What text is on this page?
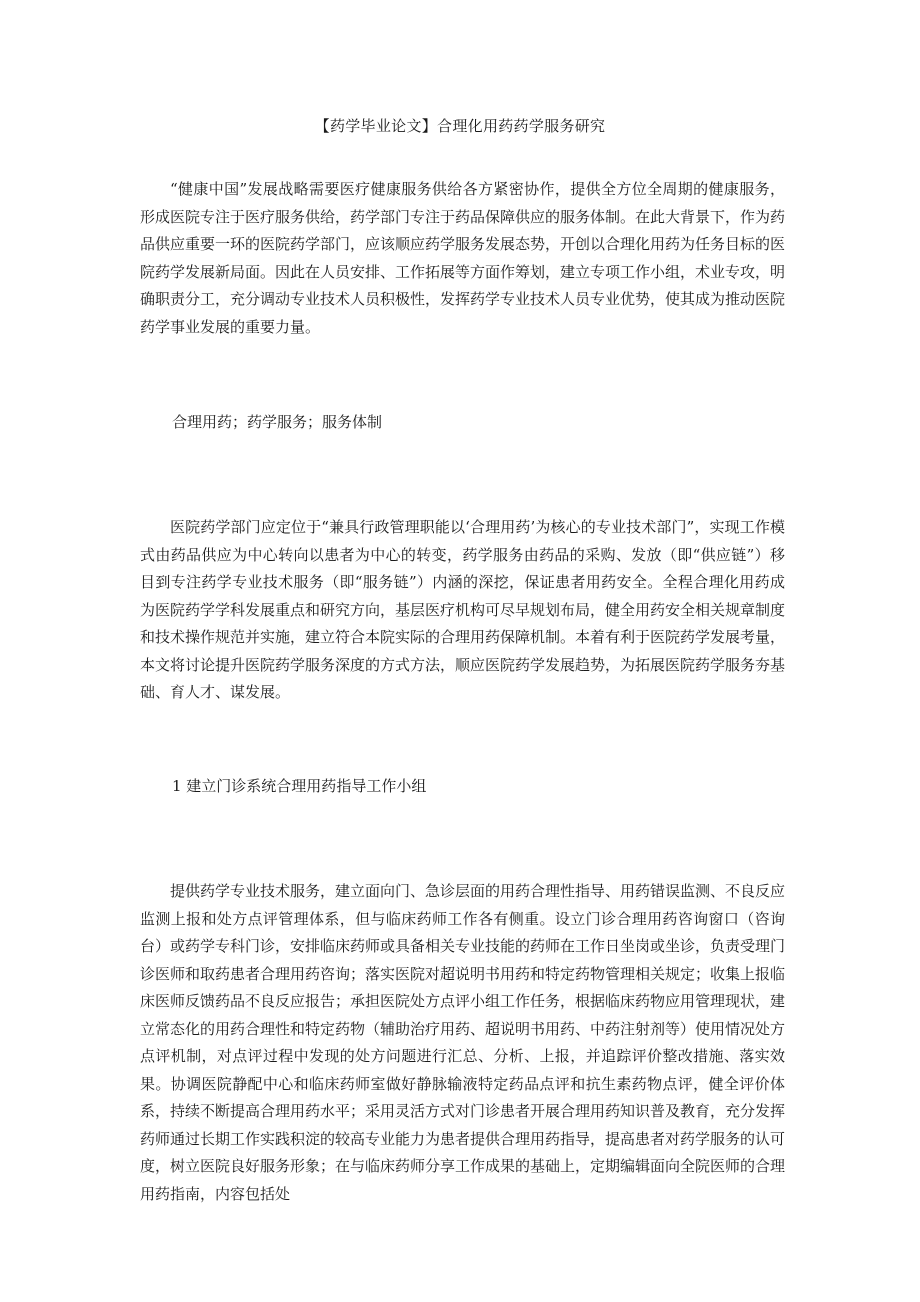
【药学毕业论文】合理化用药药学服务研究

“健康中国”发展战略需要医疗健康服务供给各方紧密协作，提供全方位全周期的健康服务，形成医院专注于医疗服务供给，药学部门专注于药品保障供应的服务体制。在此大背景下，作为药品供应重要一环的医院药学部门，应该顺应药学服务发展态势，开创以合理化用药为任务目标的医院药学发展新局面。因此在人员安排、工作拓展等方面作筹划，建立专项工作小组，术业专攻，明确职责分工，充分调动专业技术人员积极性，发挥药学专业技术人员专业优势，使其成为推动医院药学事业发展的重要力量。

合理用药；药学服务；服务体制

医院药学部门应定位于“兼具行政管理职能以‘合理用药’为核心的专业技术部门”，实现工作模式由药品供应为中心转向以患者为中心的转变，药学服务由药品的采购、发放（即“供应链”）移目到专注药学专业技术服务（即“服务链”）内涵的深挖，保证患者用药安全。全程合理化用药成为医院药学学科发展重点和研究方向，基层医疗机构可尽早规划布局，健全用药安全相关规章制度和技术操作规范并实施，建立符合本院实际的合理用药保障机制。本着有利于医院药学发展考量，本文将讨论提升医院药学服务深度的方式方法，顺应医院药学发展趋势，为拓展医院药学服务夯基础、育人才、谋发展。

1 建立门诊系统合理用药指导工作小组

提供药学专业技术服务，建立面向门、急诊层面的用药合理性指导、用药错误监测、不良反应监测上报和处方点评管理体系，但与临床药师工作各有侧重。设立门诊合理用药咨询窗口（咨询台）或药学专科门诊，安排临床药师或具备相关专业技能的药师在工作日坐岗或坐诊，负责受理门诊医师和取药患者合理用药咨询；落实医院对超说明书用药和特定药物管理相关规定；收集上报临床医师反馈药品不良反应报告；承担医院处方点评小组工作任务，根据临床药物应用管理现状，建立常态化的用药合理性和特定药物（辅助治疗用药、超说明书用药、中药注射剂等）使用情况处方点评机制，对点评过程中发现的处方问题进行汇总、分析、上报，并追踪评价整改措施、落实效果。协调医院静配中心和临床药师室做好静脉输液特定药品点评和抗生素药物点评，健全评价体系，持续不断提高合理用药水平；采用灵活方式对门诊患者开展合理用药知识普及教育，充分发挥药师通过长期工作实践积淀的较高专业能力为患者提供合理用药指导，提高患者对药学服务的认可度，树立医院良好服务形象；在与临床药师分享工作成果的基础上，定期编辑面向全院医师的合理用药指南，内容包括处
